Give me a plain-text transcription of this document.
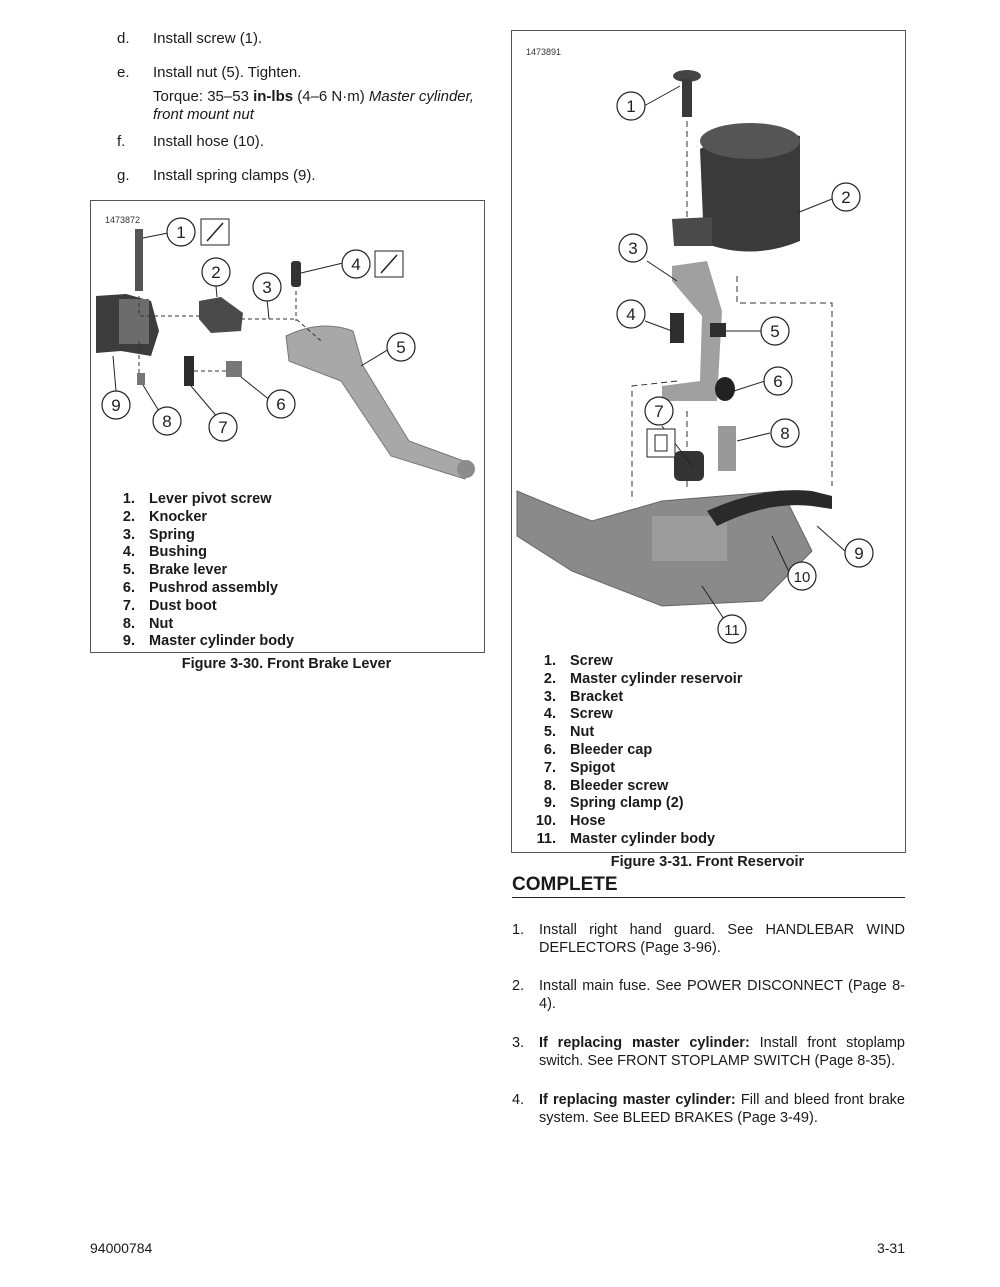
d.	Install screw (1).
e.	Install nut (5). Tighten.
Torque: 35–53 in-lbs (4–6 N·m) Master cylinder, front mount nut
f.	Install hose (10).
g.	Install spring clamps (9).
1473872
1
2
3
4
5
6
7
8
9
1. Lever pivot screw
2. Knocker
3. Spring
4. Bushing
5. Brake lever
6. Pushrod assembly
7. Dust boot
8. Nut
9. Master cylinder body
Figure 3-30. Front Brake Lever
1473891
1
2
3
4
5
6
7
8
9
10
11
1. Screw
2. Master cylinder reservoir
3. Bracket
4. Screw
5. Nut
6. Bleeder cap
7. Spigot
8. Bleeder screw
9. Spring clamp (2)
10. Hose
11. Master cylinder body
Figure 3-31. Front Reservoir
COMPLETE
1. Install right hand guard. See HANDLEBAR WIND DEFLECTORS (Page 3-96).
2. Install main fuse. See POWER DISCONNECT (Page 8-4).
3. If replacing master cylinder: Install front stoplamp switch. See FRONT STOPLAMP SWITCH (Page 8-35).
4. If replacing master cylinder: Fill and bleed front brake system. See BLEED BRAKES (Page 3-49).
94000784	3-31
